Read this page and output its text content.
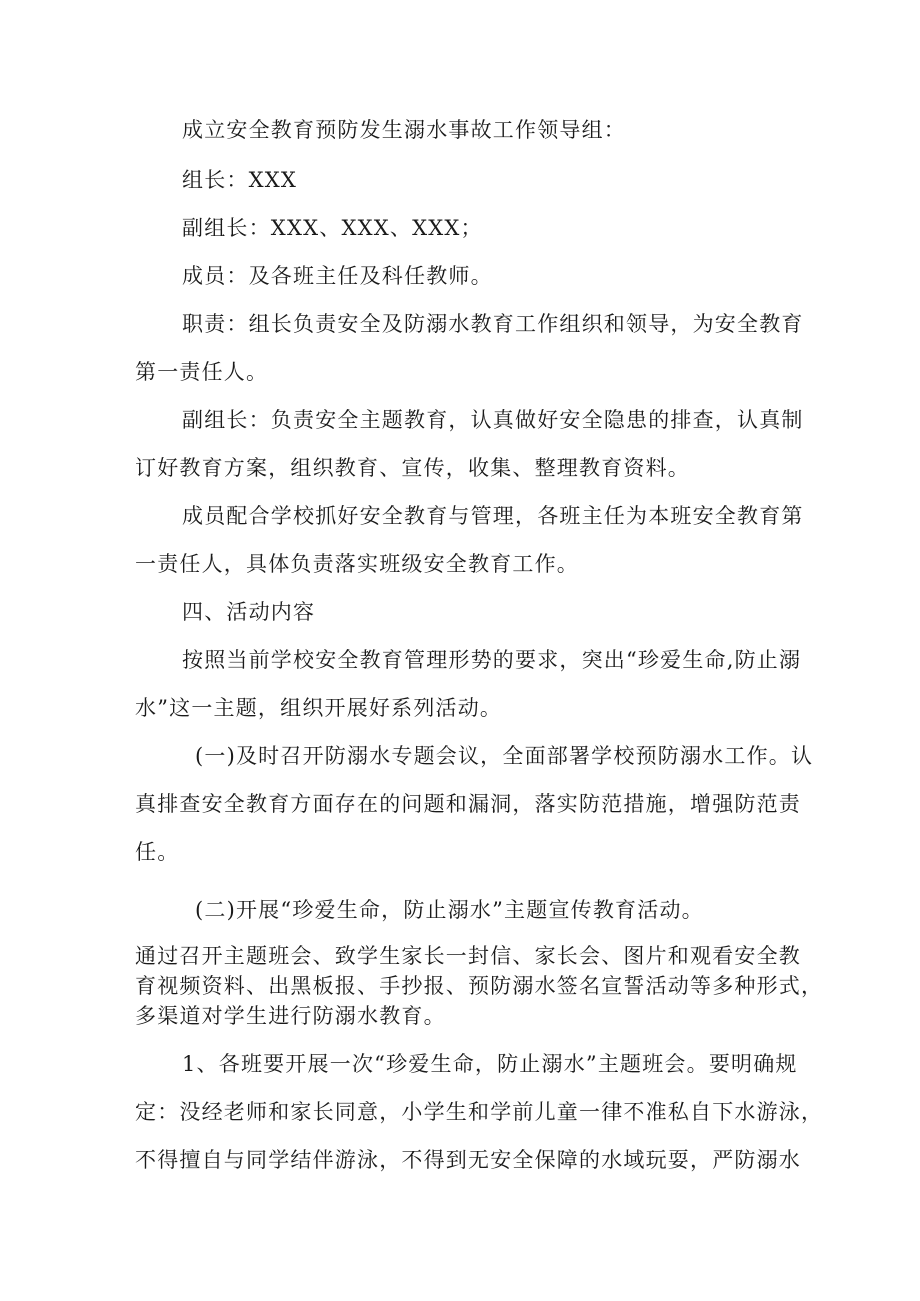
成立安全教育预防发生溺水事故工作领导组：
组长：XXX
副组长：XXX、XXX、XXX；
成员：及各班主任及科任教师。
职责：组长负责安全及防溺水教育工作组织和领导，为安全教育
第一责任人。
副组长：负责安全主题教育，认真做好安全隐患的排查，认真制
订好教育方案，组织教育、宣传，收集、整理教育资料。
成员配合学校抓好安全教育与管理，各班主任为本班安全教育第
一责任人，具体负责落实班级安全教育工作。
四、活动内容
按照当前学校安全教育管理形势的要求，突出“珍爱生命,防止溺
水”这一主题，组织开展好系列活动。
(一)及时召开防溺水专题会议，全面部署学校预防溺水工作。认
真排查安全教育方面存在的问题和漏洞，落实防范措施，增强防范责
任。
(二)开展“珍爱生命，防止溺水”主题宣传教育活动。
通过召开主题班会、致学生家长一封信、家长会、图片和观看安全教
育视频资料、出黑板报、手抄报、预防溺水签名宣誓活动等多种形式，
多渠道对学生进行防溺水教育。
1、各班要开展一次“珍爱生命，防止溺水”主题班会。要明确规
定：没经老师和家长同意，小学生和学前儿童一律不准私自下水游泳，
不得擅自与同学结伴游泳，不得到无安全保障的水域玩耍，严防溺水
